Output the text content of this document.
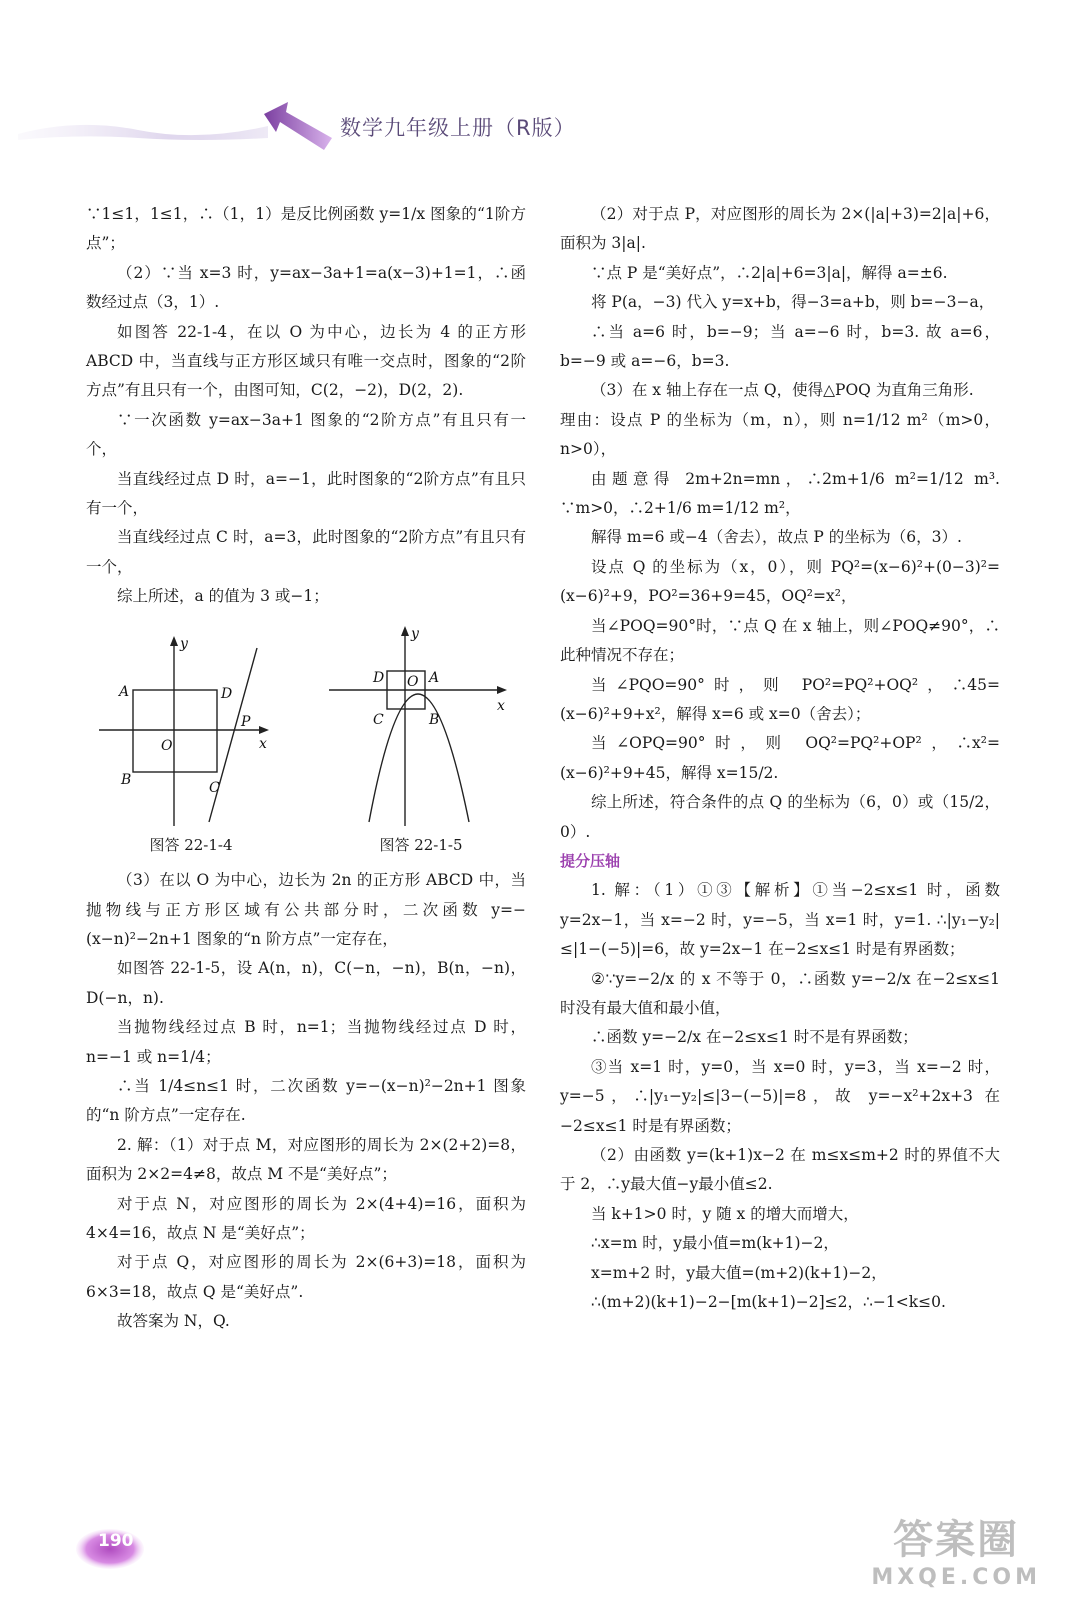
数学九年级上册（R版）

∵1≤1，1≤1，∴（1，1）是反比例函数 y=1/x 图象的“1阶方点”；

（2）∵当 x=3 时，y=ax−3a+1=a(x−3)+1=1，∴函数经过点（3，1）.

如图答 22-1-4，在以 O 为中心，边长为 4 的正方形 ABCD 中，当直线与正方形区域只有唯一交点时，图象的“2阶方点”有且只有一个，由图可知，C(2，−2)，D(2，2).

∵一次函数 y=ax−3a+1 图象的“2阶方点”有且只有一个，

当直线经过点 D 时，a=−1，此时图象的“2阶方点”有且只有一个，

当直线经过点 C 时，a=3，此时图象的“2阶方点”有且只有一个，

综上所述，a 的值为 3 或−1；

y
x
O
A
B	C
D
P
图答 22-1-4
y
x
O A
B
C
D
图答 22-1-5

（3）在以 O 为中心，边长为 2n 的正方形 ABCD 中，当抛物线与正方形区域有公共部分时，二次函数 y=−(x−n)²−2n+1 图象的“n 阶方点”一定存在，

如图答 22-1-5，设 A(n，n)，C(−n，−n)，B(n，−n)，D(−n，n).

当抛物线经过点 B 时，n=1；当抛物线经过点 D 时，n=−1 或 n=1/4；

∴当 1/4≤n≤1 时，二次函数 y=−(x−n)²−2n+1 图象的“n 阶方点”一定存在.

2. 解：（1）对于点 M，对应图形的周长为 2×(2+2)=8，面积为 2×2=4≠8，故点 M 不是“美好点”；

对于点 N，对应图形的周长为 2×(4+4)=16，面积为 4×4=16，故点 N 是“美好点”；

对于点 Q，对应图形的周长为 2×(6+3)=18，面积为 6×3=18，故点 Q 是“美好点”.

故答案为 N，Q.

（2）对于点 P，对应图形的周长为 2×(|a|+3)=2|a|+6，面积为 3|a|.

∵点 P 是“美好点”，∴2|a|+6=3|a|，解得 a=±6.

将 P(a，−3) 代入 y=x+b，得−3=a+b，则 b=−3−a，

∴当 a=6 时，b=−9；当 a=−6 时，b=3. 故 a=6，b=−9 或 a=−6，b=3.

（3）在 x 轴上存在一点 Q，使得△POQ 为直角三角形.

理由：设点 P 的坐标为（m，n），则 n=1/12 m²（m>0，n>0），

由题意得 2m+2n=mn，∴2m+1/6 m²=1/12 m³. ∵m>0，∴2+1/6 m=1/12 m²，

解得 m=6 或−4（舍去），故点 P 的坐标为（6，3）.

设点 Q 的坐标为（x，0），则 PQ²=(x−6)²+(0−3)²=(x−6)²+9，PO²=36+9=45，OQ²=x²，

当∠POQ=90°时，∵点 Q 在 x 轴上，则∠POQ≠90°，∴此种情况不存在；

当∠PQO=90°时，则 PO²=PQ²+OQ²，∴45=(x−6)²+9+x²，解得 x=6 或 x=0（舍去）；

当∠OPQ=90°时，则 OQ²=PQ²+OP²，∴x²=(x−6)²+9+45，解得 x=15/2.

综上所述，符合条件的点 Q 的坐标为（6，0）或（15/2，0）.

提分压轴

1. 解：（1）①③【解析】①当−2≤x≤1 时，函数 y=2x−1，当 x=−2 时，y=−5，当 x=1 时，y=1. ∴|y₁−y₂|≤|1−(−5)|=6，故 y=2x−1 在−2≤x≤1 时是有界函数；

②∵y=−2/x 的 x 不等于 0，∴函数 y=−2/x 在−2≤x≤1 时没有最大值和最小值，

∴函数 y=−2/x 在−2≤x≤1 时不是有界函数；

③当 x=1 时，y=0，当 x=0 时，y=3，当 x=−2 时，y=−5，∴|y₁−y₂|≤|3−(−5)|=8，故 y=−x²+2x+3 在−2≤x≤1 时是有界函数；

（2）由函数 y=(k+1)x−2 在 m≤x≤m+2 时的界值不大于 2，∴y最大值−y最小值≤2.

当 k+1>0 时，y 随 x 的增大而增大，

∴x=m 时，y最小值=m(k+1)−2，

x=m+2 时，y最大值=(m+2)(k+1)−2，

∴(m+2)(k+1)−2−[m(k+1)−2]≤2，∴−1<k≤0.

190	答案圈
MXQE.COM
